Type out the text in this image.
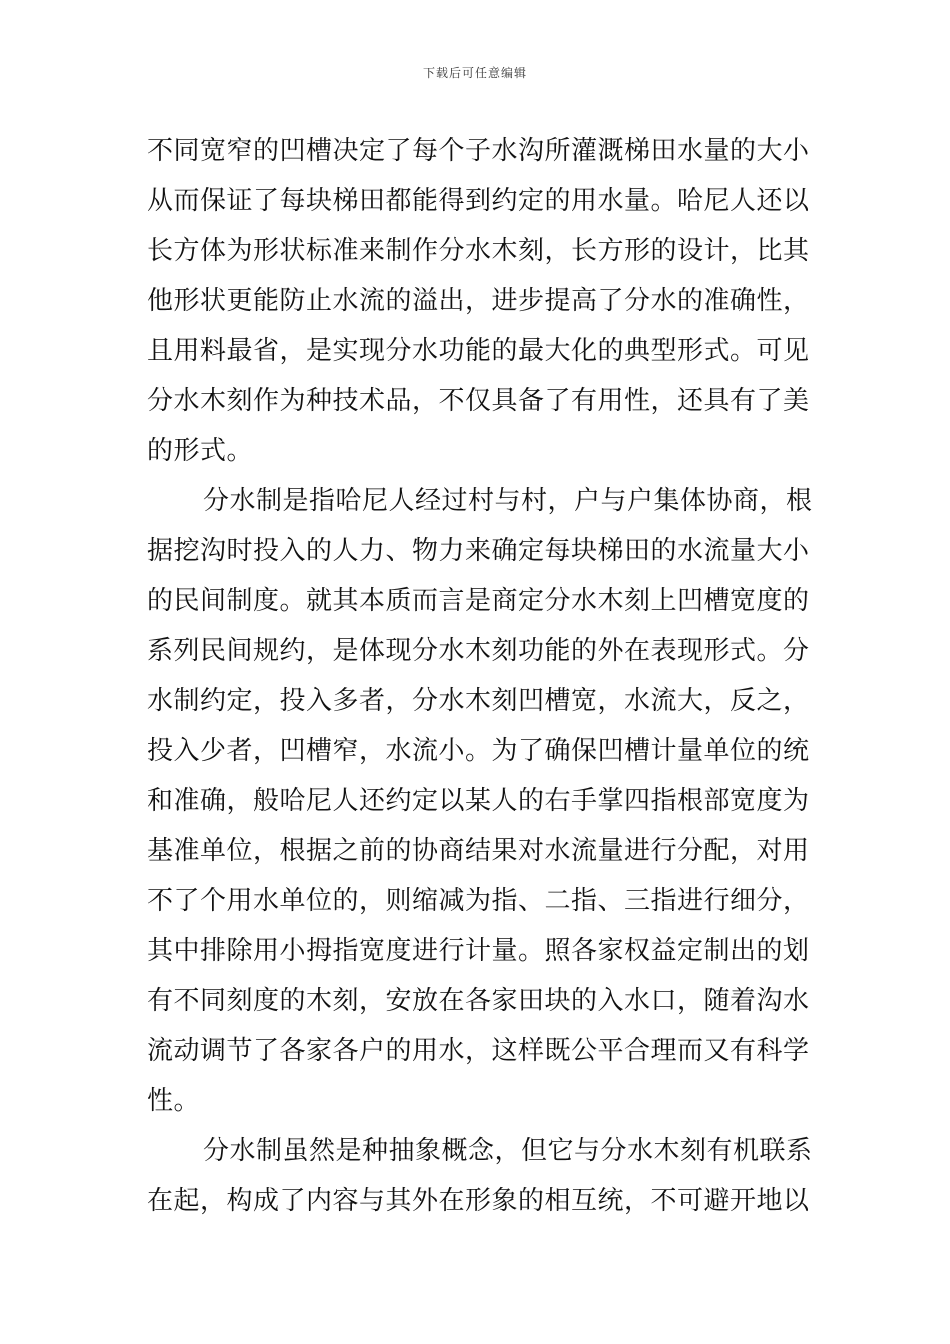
下载后可任意编辑
不同宽窄的凹槽决定了每个子水沟所灌溉梯田水量的大小
从而保证了每块梯田都能得到约定的用水量。哈尼人还以
长方体为形状标准来制作分水木刻，长方形的设计，比其
他形状更能防止水流的溢出，进步提高了分水的准确性，
且用料最省，是实现分水功能的最大化的典型形式。可见
分水木刻作为种技术品，不仅具备了有用性，还具有了美
的形式。
分水制是指哈尼人经过村与村，户与户集体协商，根
据挖沟时投入的人力、物力来确定每块梯田的水流量大小
的民间制度。就其本质而言是商定分水木刻上凹槽宽度的
系列民间规约，是体现分水木刻功能的外在表现形式。分
水制约定，投入多者，分水木刻凹槽宽，水流大，反之，
投入少者，凹槽窄，水流小。为了确保凹槽计量单位的统
和准确，般哈尼人还约定以某人的右手掌四指根部宽度为
基准单位，根据之前的协商结果对水流量进行分配，对用
不了个用水单位的，则缩减为指、二指、三指进行细分，
其中排除用小拇指宽度进行计量。照各家权益定制出的划
有不同刻度的木刻，安放在各家田块的入水口，随着沟水
流动调节了各家各户的用水，这样既公平合理而又有科学
性。
分水制虽然是种抽象概念，但它与分水木刻有机联系
在起，构成了内容与其外在形象的相互统，不可避开地以
